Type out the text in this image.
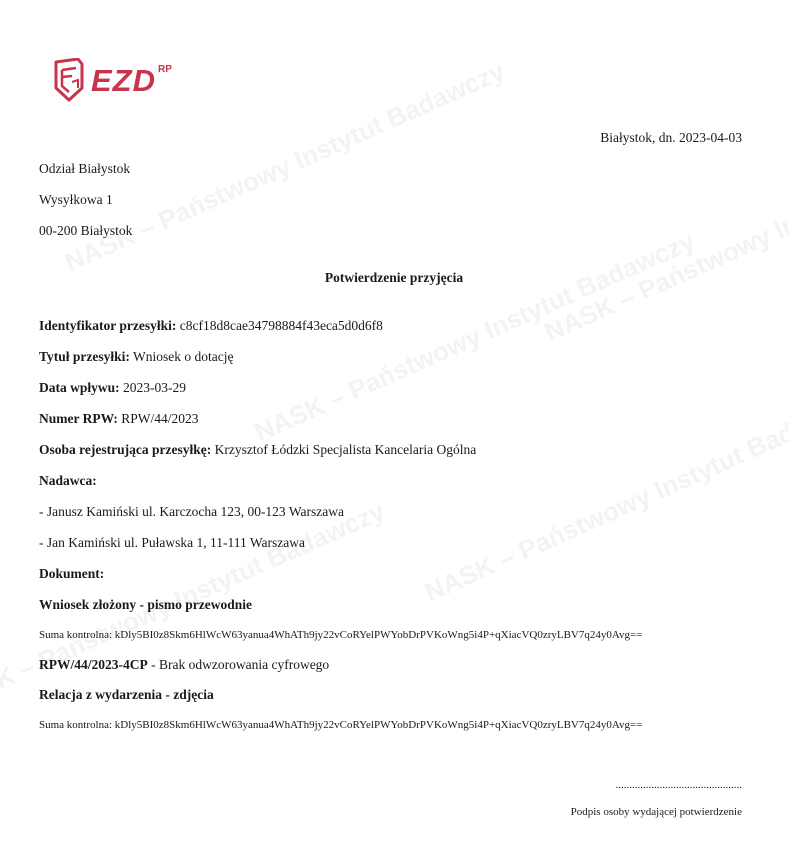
EZD RP
Białystok, dn. 2023-04-03
Odział Białystok
Wysyłkowa 1
00-200 Białystok
Potwierdzenie przyjęcia
Identyfikator przesyłki: c8cf18d8cae34798884f43eca5d0d6f8
Tytuł przesyłki: Wniosek o dotację
Data wpływu: 2023-03-29
Numer RPW: RPW/44/2023
Osoba rejestrująca przesyłkę: Krzysztof Łódzki Specjalista Kancelaria Ogólna
Nadawca:
- Janusz Kamiński ul. Karczocha 123, 00-123 Warszawa
- Jan Kamiński ul. Puławska 1, 11-111 Warszawa
Dokument:
Wniosek złożony - pismo przewodnie
Suma kontrolna: kDly5BI0z8Skm6HlWcW63yanua4WhATh9jy22vCoRYelPWYobDrPVKoWng5i4P+qXiacVQ0zryLBV7q24y0Avg==
RPW/44/2023-4CP - Brak odwzorowania cyfrowego
Relacja z wydarzenia - zdjęcia
Suma kontrolna: kDly5BI0z8Skm6HlWcW63yanua4WhATh9jy22vCoRYelPWYobDrPVKoWng5i4P+qXiacVQ0zryLBV7q24y0Avg==
..............................................
Podpis osoby wydającej potwierdzenie
